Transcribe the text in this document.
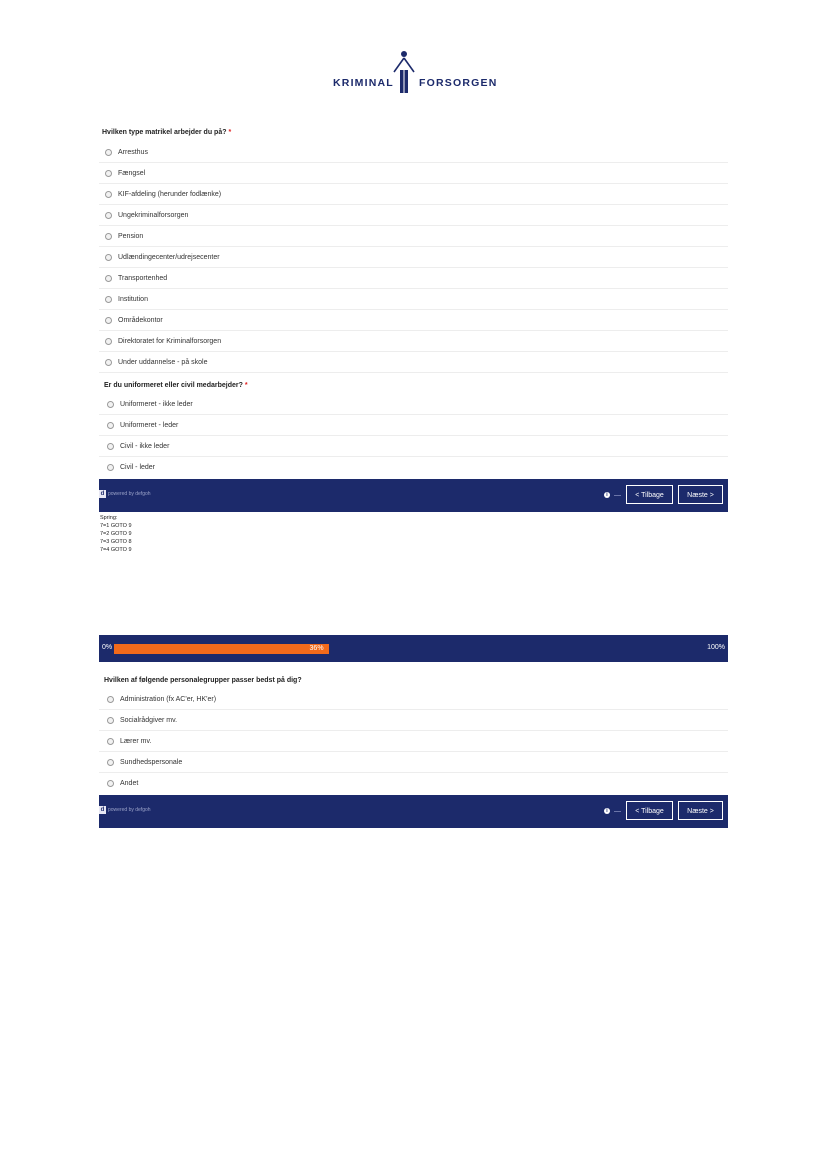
KRIMINAL FORSORGEN
Hvilken type matrikel arbejder du på? *
Arresthus
Fængsel
KIF-afdeling (herunder fodlænke)
Ungekriminalforsorgen
Pension
Udlændingecenter/udrejsecenter
Transportenhed
Institution
Områdekontor
Direktoratet for Kriminalforsorgen
Under uddannelse - på skole
Er du uniformeret eller civil medarbejder? *
Uniformeret - ikke leder
Uniformeret - leder
Civil - ikke leder
Civil - leder
d powered by defgoh	i	< Tilbage	Næste >
Spring:
7=1 GOTO 9
7=2 GOTO 9
7=3 GOTO 8
7=4 GOTO 9
0%	36%	100%
Hvilken af følgende personalegrupper passer bedst på dig?
Administration (fx AC'er, HK'er)
Socialrådgiver mv.
Lærer mv.
Sundhedspersonale
Andet
d powered by defgoh	i	< Tilbage	Næste >
